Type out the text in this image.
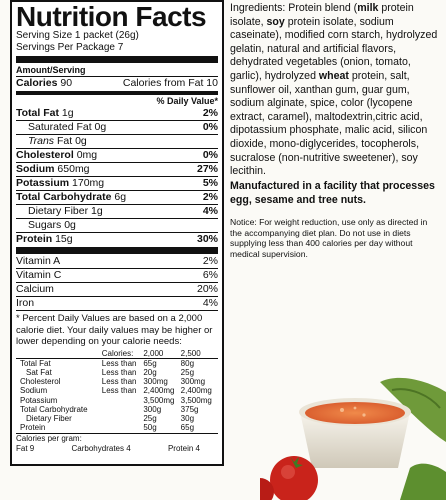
Nutrition Facts
Serving Size 1 packet (26g)
Servings Per Package 7
Amount/Serving
Calories 90	Calories from Fat 10
% Daily Value*
Total Fat 1g	2%
Saturated Fat 0g	0%
Trans Fat 0g
Cholesterol 0mg	0%
Sodium 650mg	27%
Potassium 170mg	5%
Total Carbohydrate 6g	2%
Dietary Fiber 1g	4%
Sugars 0g
Protein 15g	30%
Vitamin A	2%
Vitamin C	6%
Calcium	20%
Iron	4%
* Percent Daily Values are based on a 2,000 calorie diet. Your daily values may be higher or lower depending on your calorie needs:
	Calories:	2,000	2,500
Total Fat	Less than	65g	80g
Sat Fat	Less than	20g	25g
Cholesterol	Less than	300mg	300mg
Sodium	Less than	2,400mg	2,400mg
Potassium		3,500mg	3,500mg
Total Carbohydrate		300g	375g
Dietary Fiber		25g	30g
Protein		50g	65g
Calories per gram:
Fat 9	Carbohydrates 4	Protein 4
Ingredients: Protein blend (milk protein isolate, soy protein isolate, sodium caseinate), modified corn starch, hydrolyzed gelatin, natural and artificial flavors, dehydrated vegetables (onion, tomato, garlic), hydrolyzed wheat protein, salt, sunflower oil, xanthan gum, guar gum, sodium alginate, spice, color (lycopene extract, caramel), maltodextrin,citric acid, dipotassium phosphate, malic acid, silicon dioxide, mono-diglycerides, tocopherols, sucralose (non-nutritive sweetener), soy lecithin.
Manufactured in a facility that processes egg, sesame and tree nuts.
Notice: For weight reduction, use only as directed in the accompanying diet plan. Do not use in diets supplying less than 400 calories per day without medical supervision.
